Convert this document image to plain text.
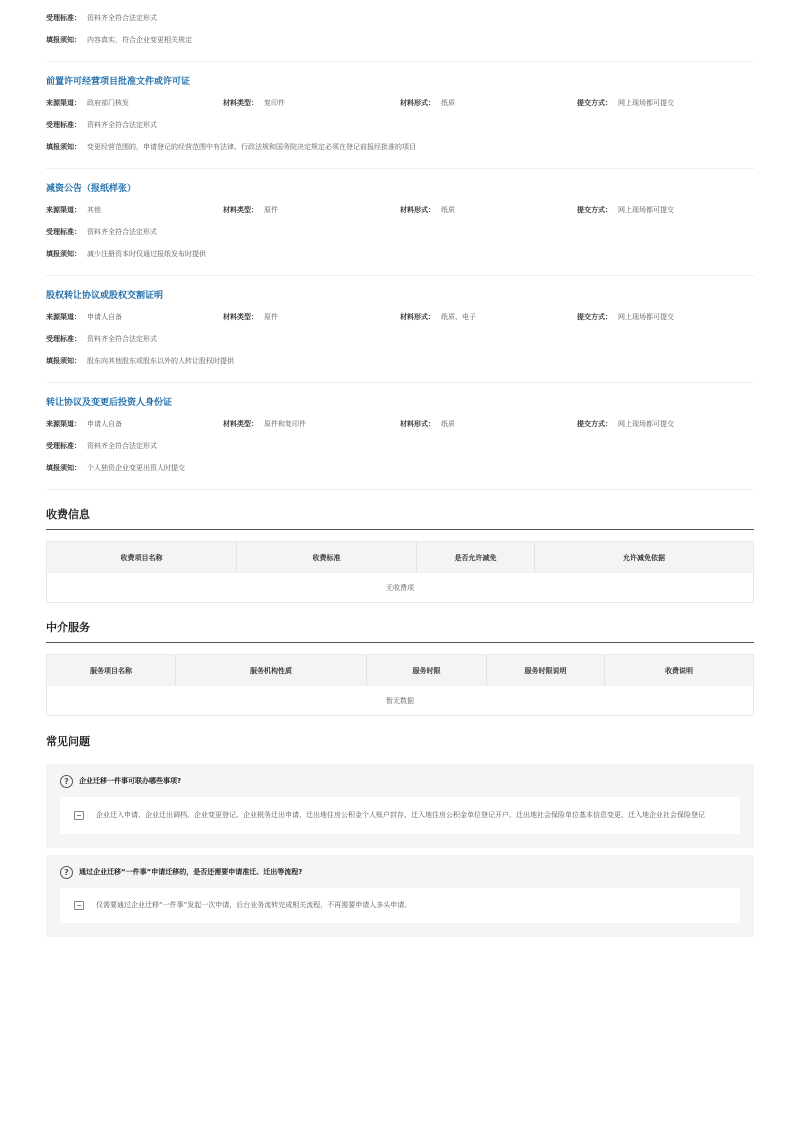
受理标准： 资料齐全符合法定形式
填报须知： 内容真实，符合企业变更相关规定
前置许可经营项目批准文件或许可证
来源渠道： 政府部门核发	材料类型： 复印件	材料形式： 纸质	提交方式： 网上现场都可提交
受理标准： 资料齐全符合法定形式
填报须知： 变更经营范围的，申请登记的经营范围中有法律、行政法规和国务院决定规定必须在登记前报经批准的项目
减资公告（报纸样张）
来源渠道： 其他	材料类型： 原件	材料形式： 纸质	提交方式： 网上现场都可提交
受理标准： 资料齐全符合法定形式
填报须知： 减少注册资本时仅通过报纸发布时提供
股权转让协议或股权交割证明
来源渠道： 申请人自备	材料类型： 原件	材料形式： 纸质、电子	提交方式： 网上现场都可提交
受理标准： 资料齐全符合法定形式
填报须知： 股东向其他股东或股东以外的人转让股权时提供
转让协议及变更后投资人身份证
来源渠道： 申请人自备	材料类型： 原件和复印件	材料形式： 纸质	提交方式： 网上现场都可提交
受理标准： 资料齐全符合法定形式
填报须知： 个人独资企业变更出资人时提交
收费信息
收费项目名称	收费标准	是否允许减免	允许减免依据
无收费项
中介服务
服务项目名称	服务机构性质	服务时限	服务时限说明	收费说明
暂无数据
常见问题
?	企业迁移一件事可联办哪些事项?
企业迁入申请、企业迁出调档、企业变更登记、企业税务迁出申请、迁出地住房公积金个人账户封存、迁入地住房公积金单位登记开户、迁出地社会保险单位基本信息变更、迁入地企业社会保险登记
?	通过企业迁移“一件事”申请迁移的，是否还需要申请准迁、迁出等流程?
仅需要通过企业迁移“一件事”发起一次申请，后台业务流转完成相关流程，不再需要申请人多头申请。
